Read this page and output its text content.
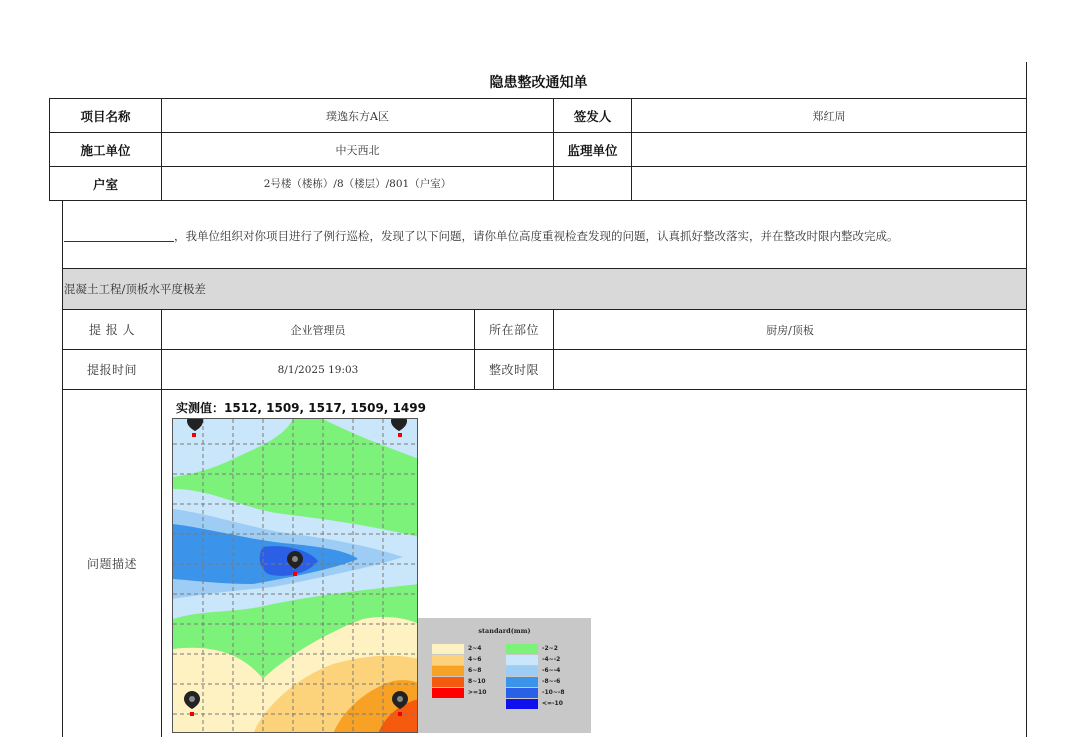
隐患整改通知单
项目名称	璞逸东方A区	签发人	郑红周
施工单位	中天西北	监理单位
户室	2号楼（楼栋）/8（楼层）/801（户室）
，我单位组织对你项目进行了例行巡检，发现了以下问题，请你单位高度重视检查发现的问题，认真抓好整改落实，并在整改时限内整改完成。
混凝土工程/顶板水平度极差
提 报 人	企业管理员	所在部位	厨房/顶板
提报时间	8/1/2025 19:03	整改时限
问题描述
实测值：1512, 1509, 1517, 1509, 1499
standard(mm)
2~4
4~6
6~8
8~10
>=10
-2~2
-4~-2
-6~-4
-8~-6
-10~-8
<=-10
